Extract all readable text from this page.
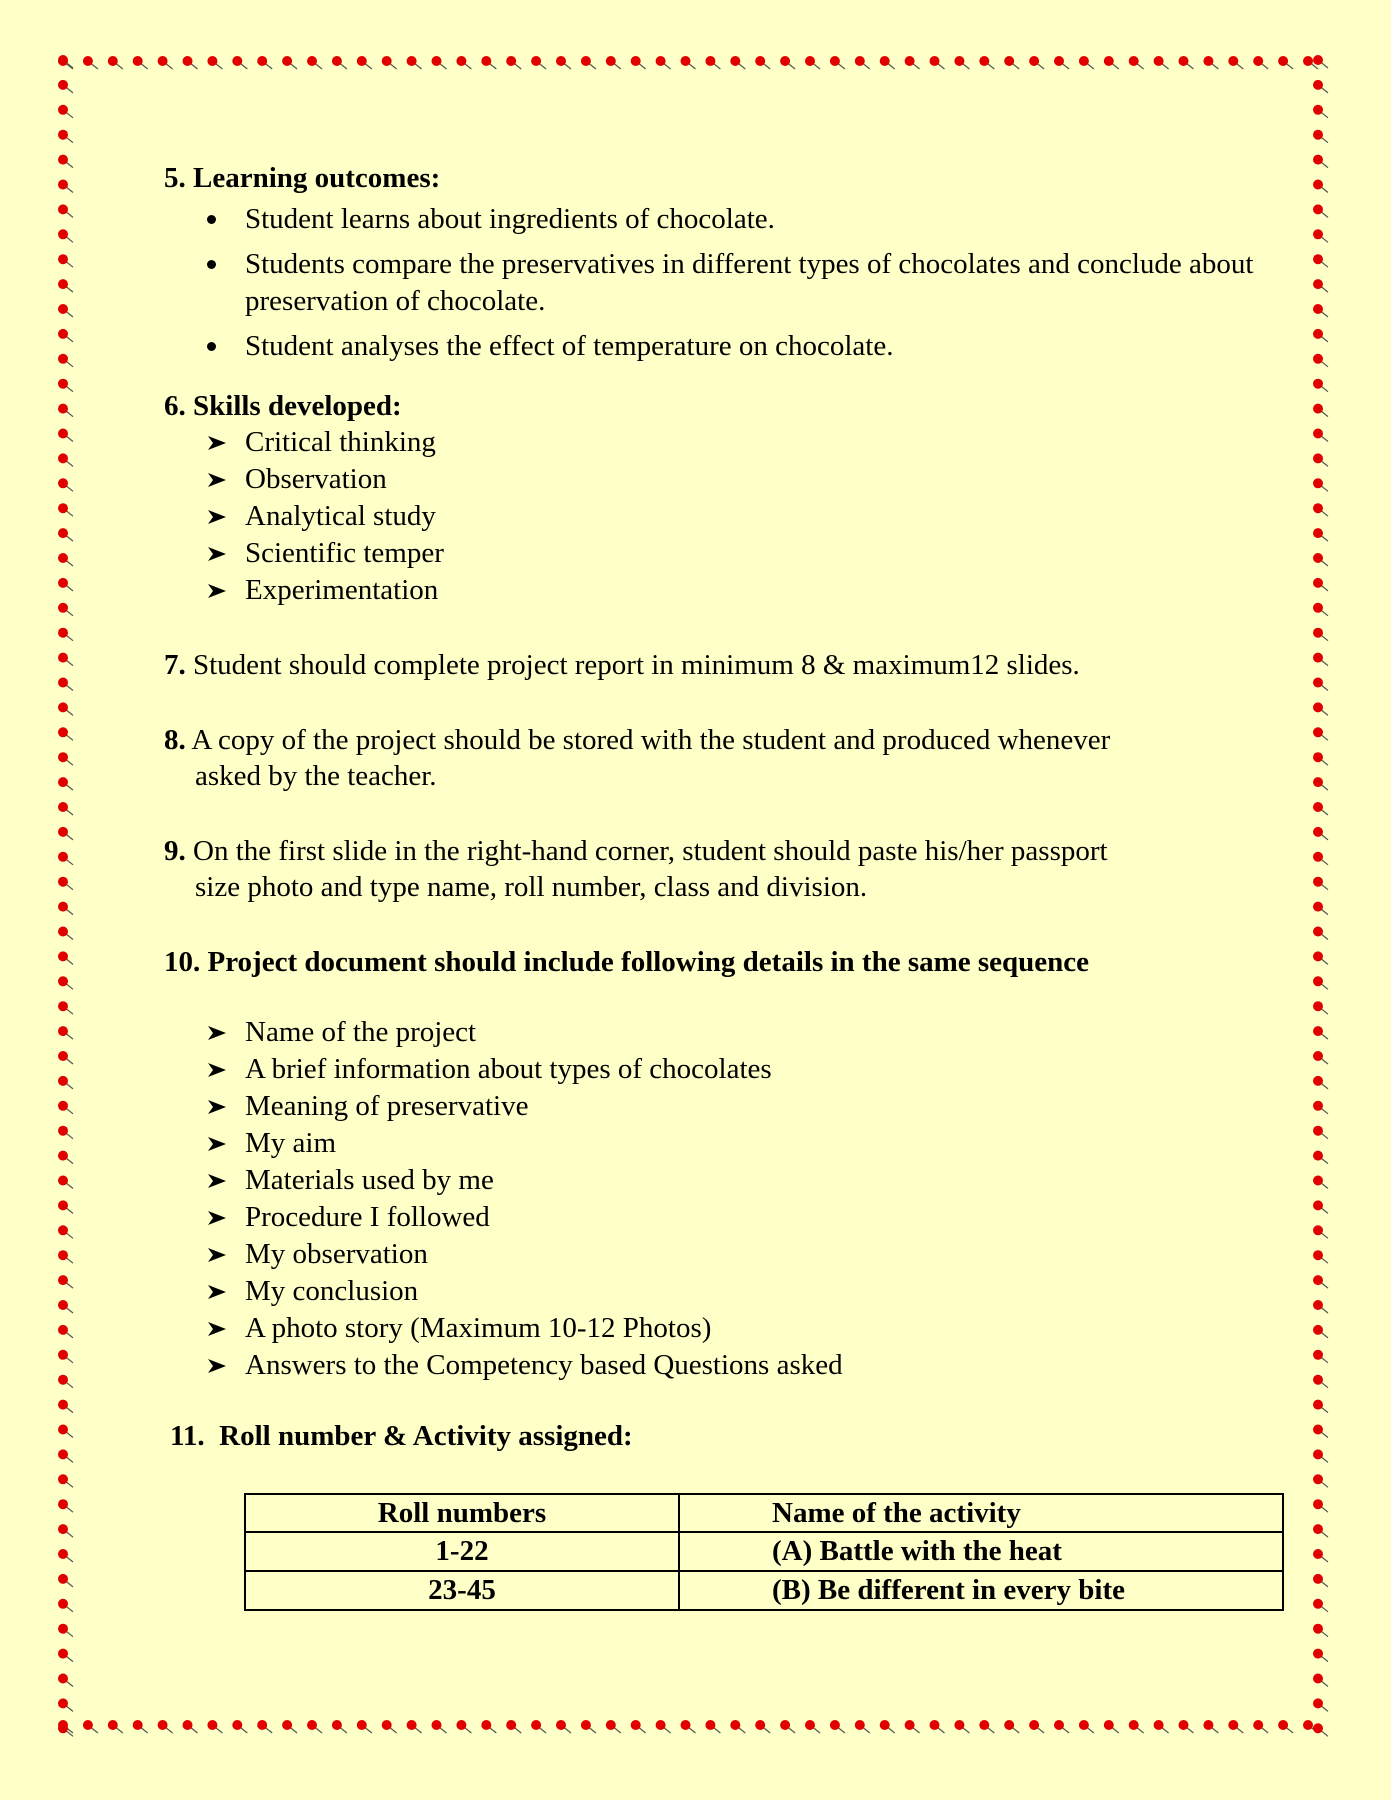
5. Learning outcomes:

Student learns about ingredients of chocolate.
Students compare the preservatives in different types of chocolates and conclude about preservation of chocolate.
Student analyses the effect of temperature on chocolate.

6. Skills developed:

Critical thinking
Observation
Analytical study
Scientific temper
Experimentation

7. Student should complete project report in minimum 8 & maximum12 slides.

8. A copy of the project should be stored with the student and produced whenever asked by the teacher.

9. On the first slide in the right-hand corner, student should paste his/her passport size photo and type name, roll number, class and division.

10. Project document should include following details in the same sequence

Name of the project
A brief information about types of chocolates
Meaning of preservative
My aim
Materials used by me
Procedure I followed
My observation
My conclusion
A photo story (Maximum 10-12 Photos)
Answers to the Competency based Questions asked

11. Roll number & Activity assigned:

Roll numbers	Name of the activity
1-22	(A) Battle with the heat
23-45	(B) Be different in every bite
